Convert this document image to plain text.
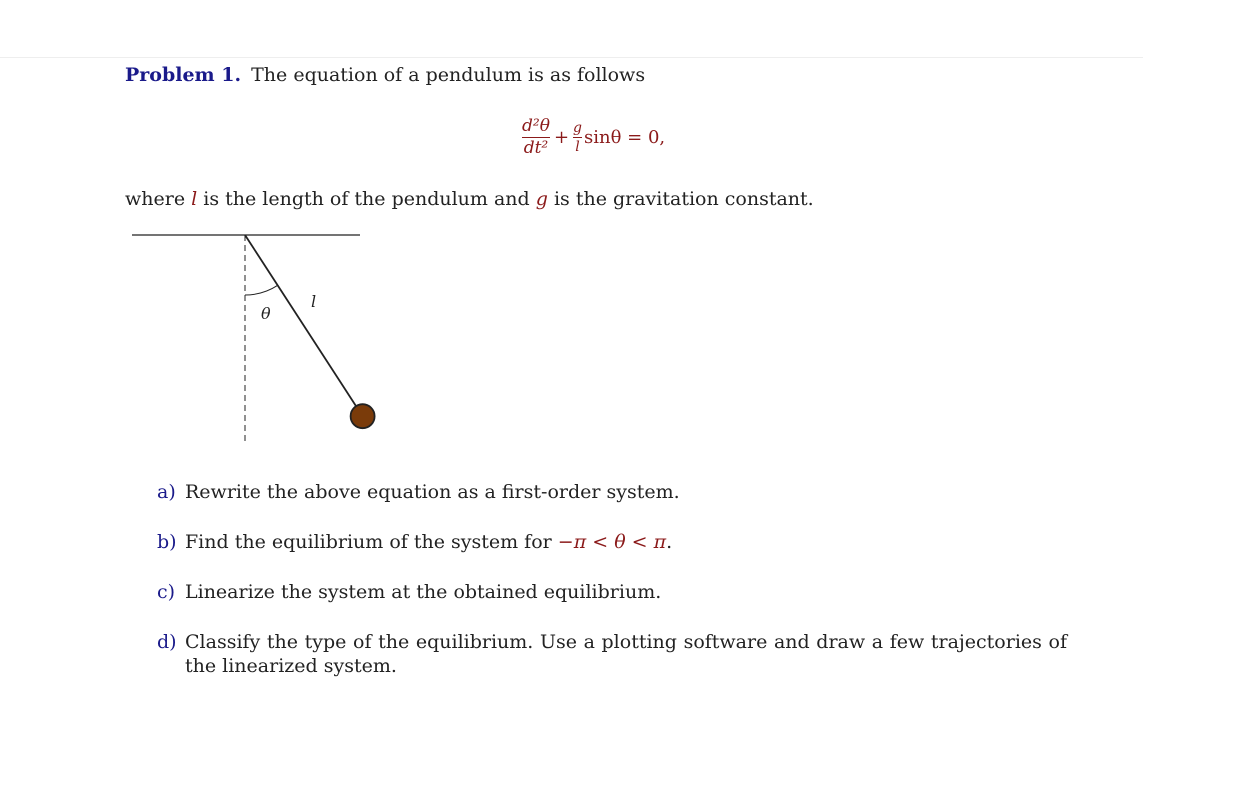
Problem 1. The equation of a pendulum is as follows
$\frac{\text{d²θ}}{\text{dt²}} + \frac{g}{l}$ sinθ = 0,
where l is the length of the pendulum and g is the gravitation constant.
θ
l
a) Rewrite the above equation as a first-order system.
b) Find the equilibrium of the system for −π < θ < π.
c) Linearize the system at the obtained equilibrium.
d) Classify the type of the equilibrium. Use a plotting software and draw a few trajectories of the linearized system.
